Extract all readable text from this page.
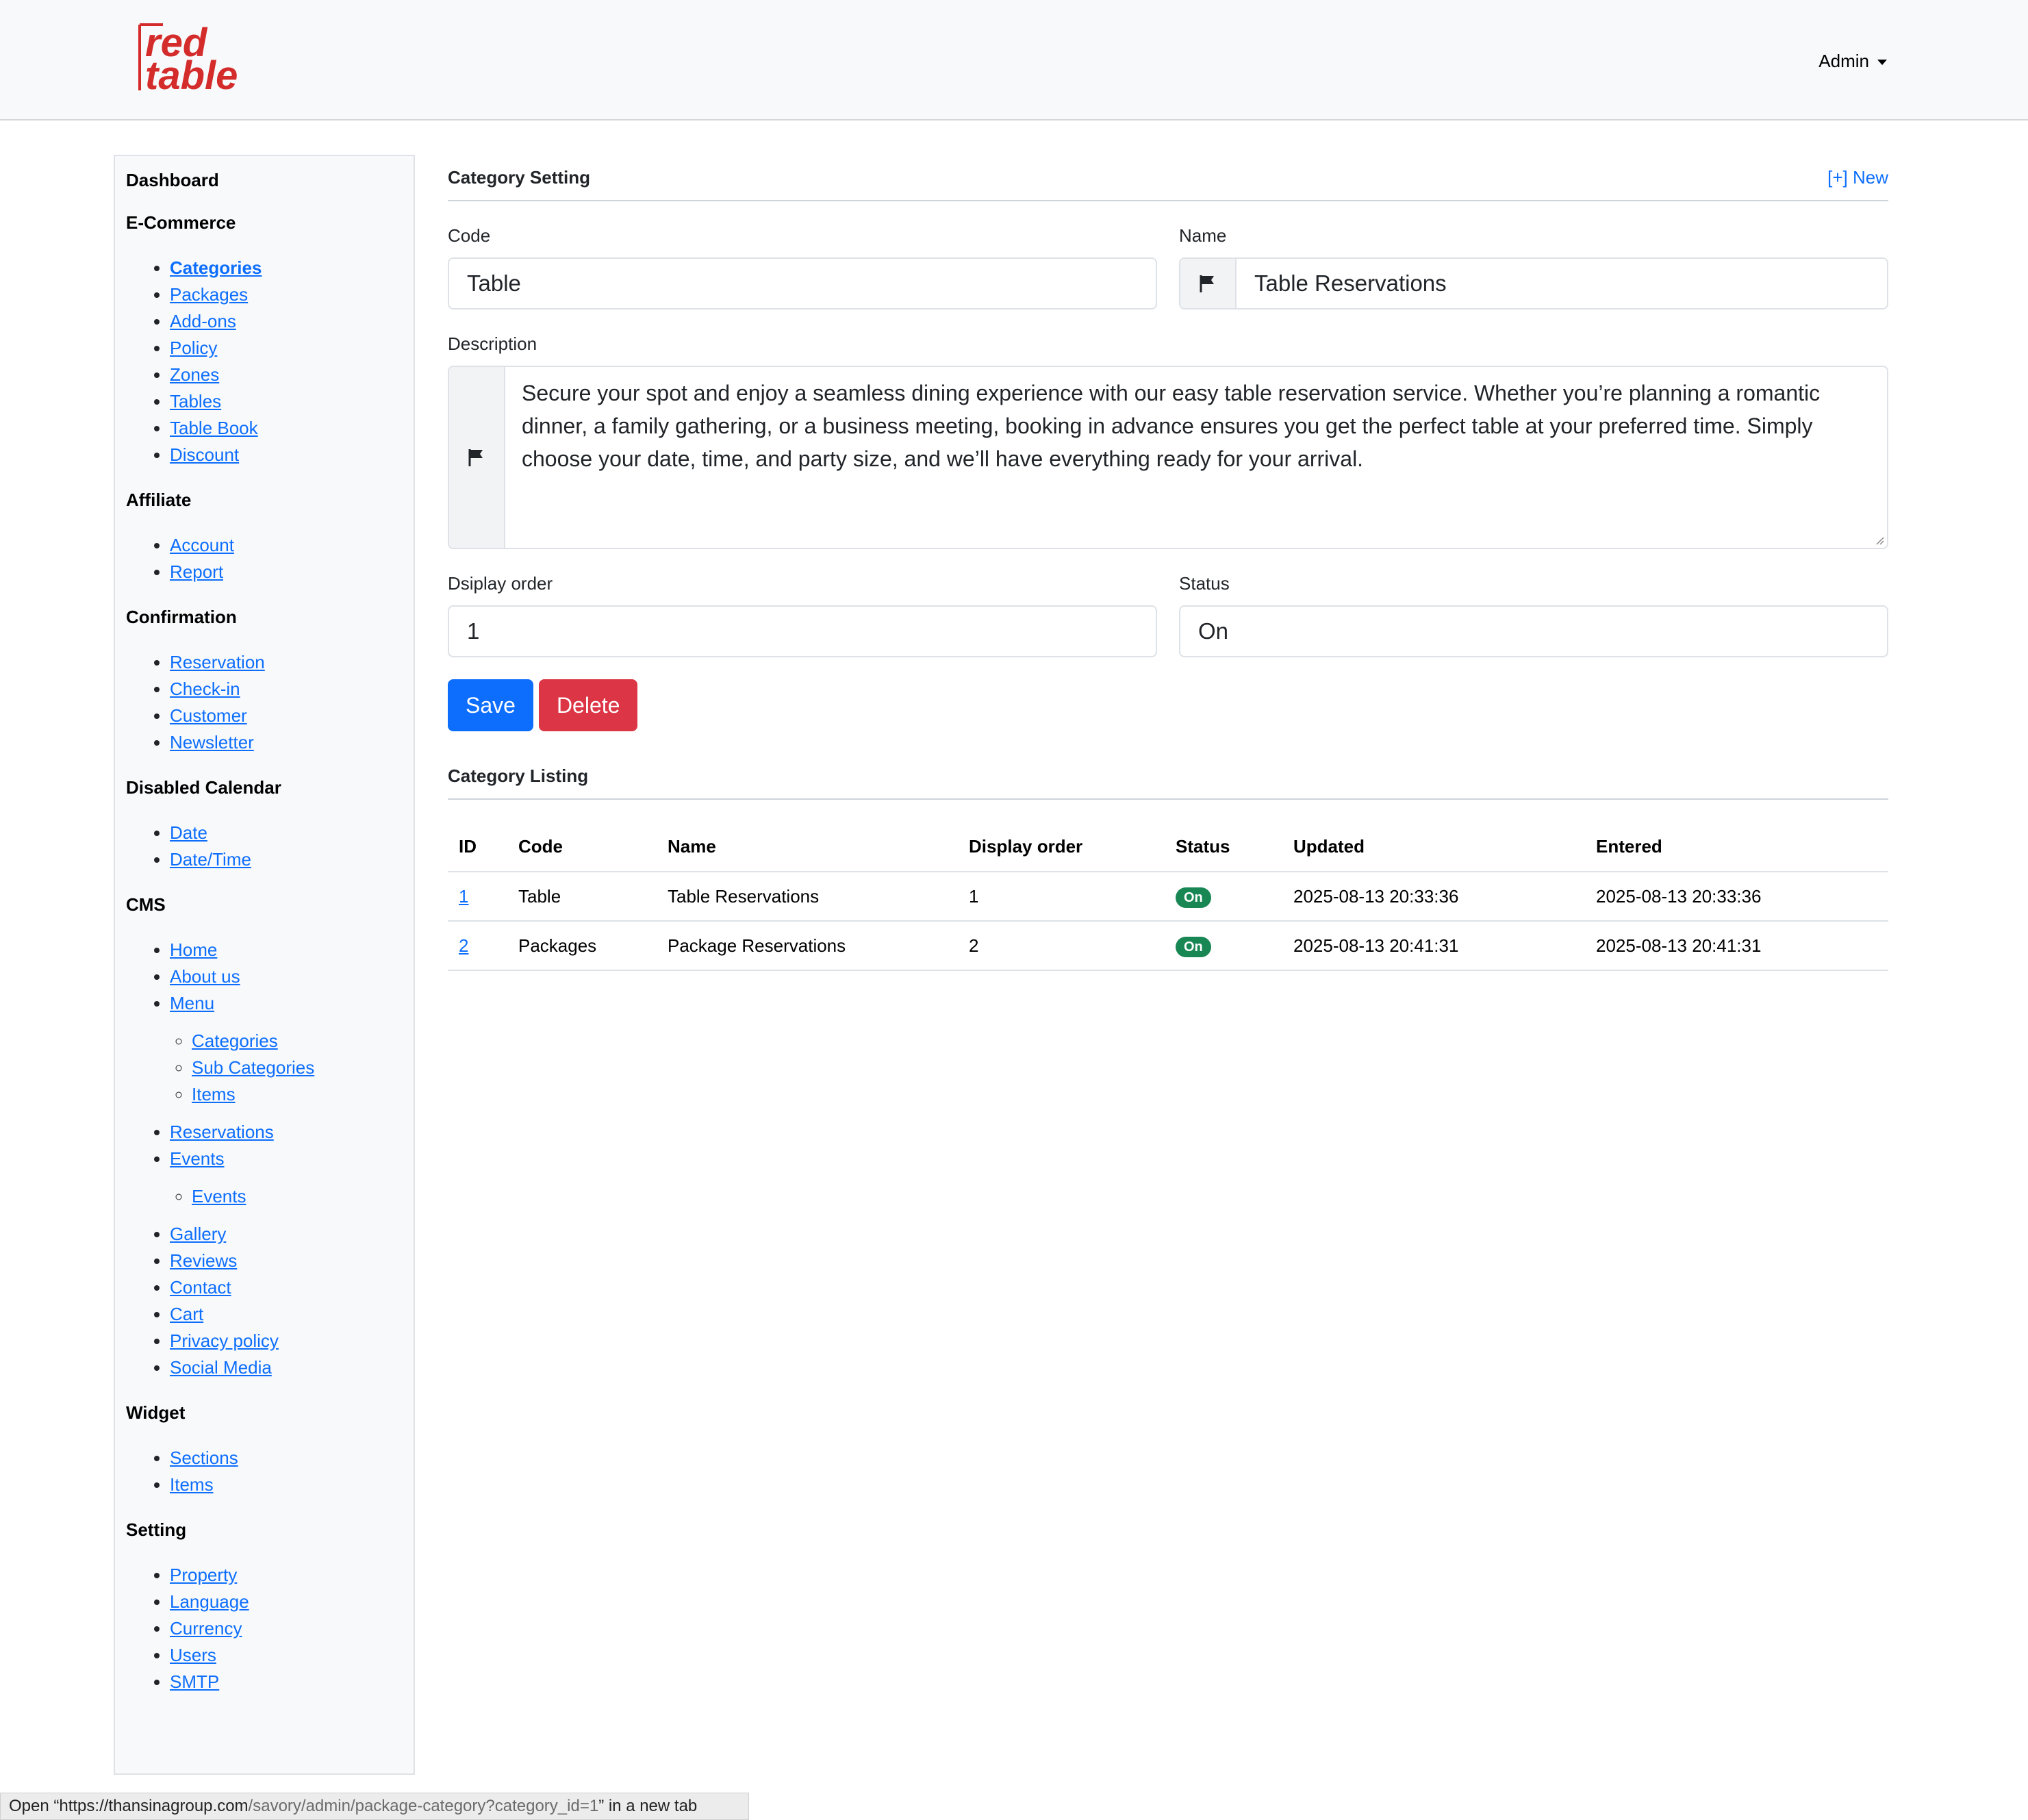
red
table	Admin
Dashboard
E-Commerce
• Categories
• Packages
• Add-ons
• Policy
• Zones
• Tables
• Table Book
• Discount
Affiliate
• Account
• Report
Confirmation
• Reservation
• Check-in
• Customer
• Newsletter
Disabled Calendar
• Date
• Date/Time
CMS
• Home
• About us
• Menu
◦ Categories
◦ Sub Categories
◦ Items
• Reservations
• Events
◦ Events
• Gallery
• Reviews
• Contact
• Cart
• Privacy policy
• Social Media
Widget
• Sections
• Items
Setting
• Property
• Language
• Currency
• Users
• SMTP
Category Setting	[+] New
Code
Table
Name
Table Reservations
Description
Secure your spot and enjoy a seamless dining experience with our easy table reservation service. Whether you’re planning a romantic dinner, a family gathering, or a business meeting, booking in advance ensures you get the perfect table at your preferred time. Simply choose your date, time, and party size, and we’ll have everything ready for your arrival.
Dsiplay order
1
Status
On
Save	Delete
Category Listing
ID	Code	Name	Display order	Status	Updated	Entered
1	Table	Table Reservations	1	On	2025-08-13 20:33:36	2025-08-13 20:33:36
2	Packages	Package Reservations	2	On	2025-08-13 20:41:31	2025-08-13 20:41:31
Open “https://thansinagroup.com /savory/admin/package-category?category_id=1 ” in a new tab
